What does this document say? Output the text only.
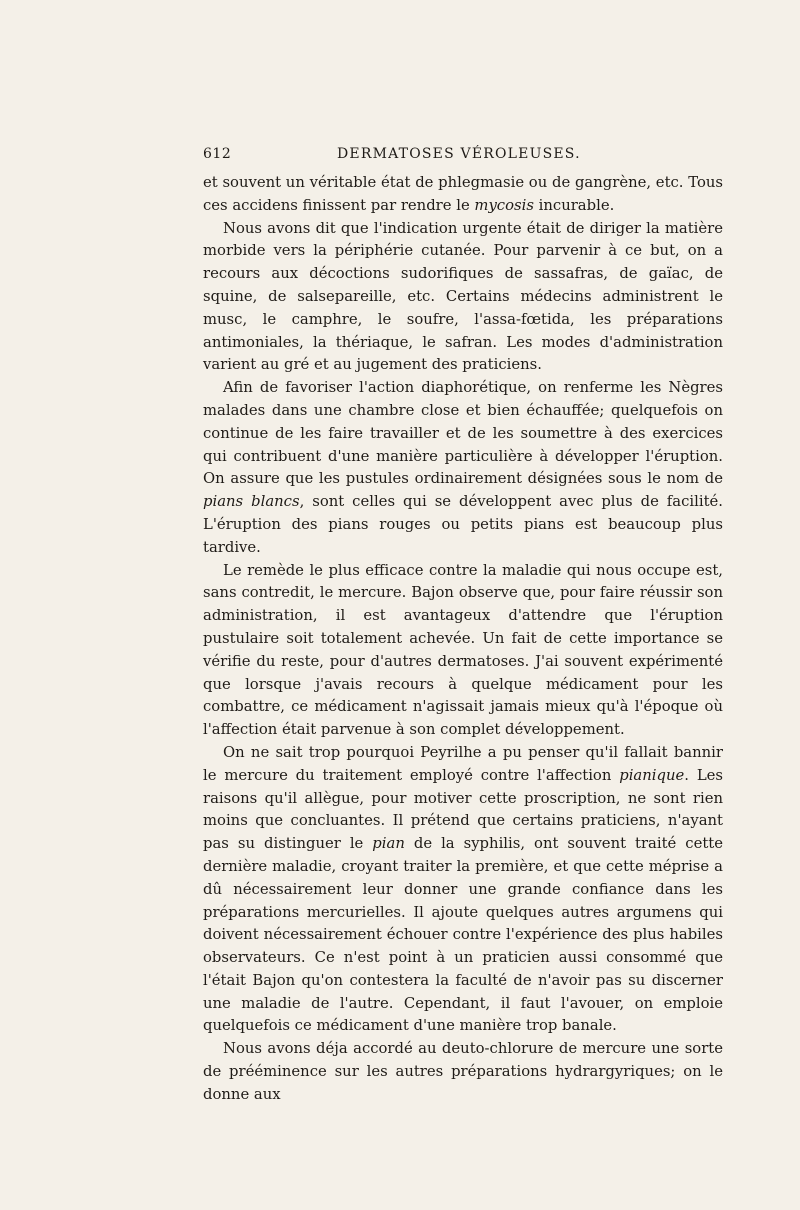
612	DERMATOSES VÉROLEUSES.

et souvent un véritable état de phlegmasie ou de gangrène, etc. Tous ces accidens finissent par rendre le mycosis incurable.

Nous avons dit que l'indication urgente était de diriger la matière morbide vers la périphérie cutanée. Pour parvenir à ce but, on a recours aux décoctions sudorifiques de sassafras, de gaïac, de squine, de salsepareille, etc. Certains médecins administrent le musc, le camphre, le soufre, l'assa-fœtida, les préparations antimoniales, la thériaque, le safran. Les modes d'administration varient au gré et au jugement des praticiens.

Afin de favoriser l'action diaphorétique, on renferme les Nègres malades dans une chambre close et bien échauffée; quelquefois on continue de les faire travailler et de les soumettre à des exercices qui contribuent d'une manière particulière à développer l'éruption. On assure que les pustules ordinairement désignées sous le nom de pians blancs, sont celles qui se développent avec plus de facilité. L'éruption des pians rouges ou petits pians est beaucoup plus tardive.

Le remède le plus efficace contre la maladie qui nous occupe est, sans contredit, le mercure. Bajon observe que, pour faire réussir son administration, il est avantageux d'attendre que l'éruption pustulaire soit totalement achevée. Un fait de cette importance se vérifie du reste, pour d'autres dermatoses. J'ai souvent expérimenté que lorsque j'avais recours à quelque médicament pour les combattre, ce médicament n'agissait jamais mieux qu'à l'époque où l'affection était parvenue à son complet développement.

On ne sait trop pourquoi Peyrilhe a pu penser qu'il fallait bannir le mercure du traitement employé contre l'affection pianique. Les raisons qu'il allègue, pour motiver cette proscription, ne sont rien moins que concluantes. Il prétend que certains praticiens, n'ayant pas su distinguer le pian de la syphilis, ont souvent traité cette dernière maladie, croyant traiter la première, et que cette méprise a dû nécessairement leur donner une grande confiance dans les préparations mercurielles. Il ajoute quelques autres argumens qui doivent nécessairement échouer contre l'expérience des plus habiles observateurs. Ce n'est point à un praticien aussi consommé que l'était Bajon qu'on contestera la faculté de n'avoir pas su discerner une maladie de l'autre. Cependant, il faut l'avouer, on emploie quelquefois ce médicament d'une manière trop banale.

Nous avons déja accordé au deuto-chlorure de mercure une sorte de prééminence sur les autres préparations hydrargyriques; on le donne aux
